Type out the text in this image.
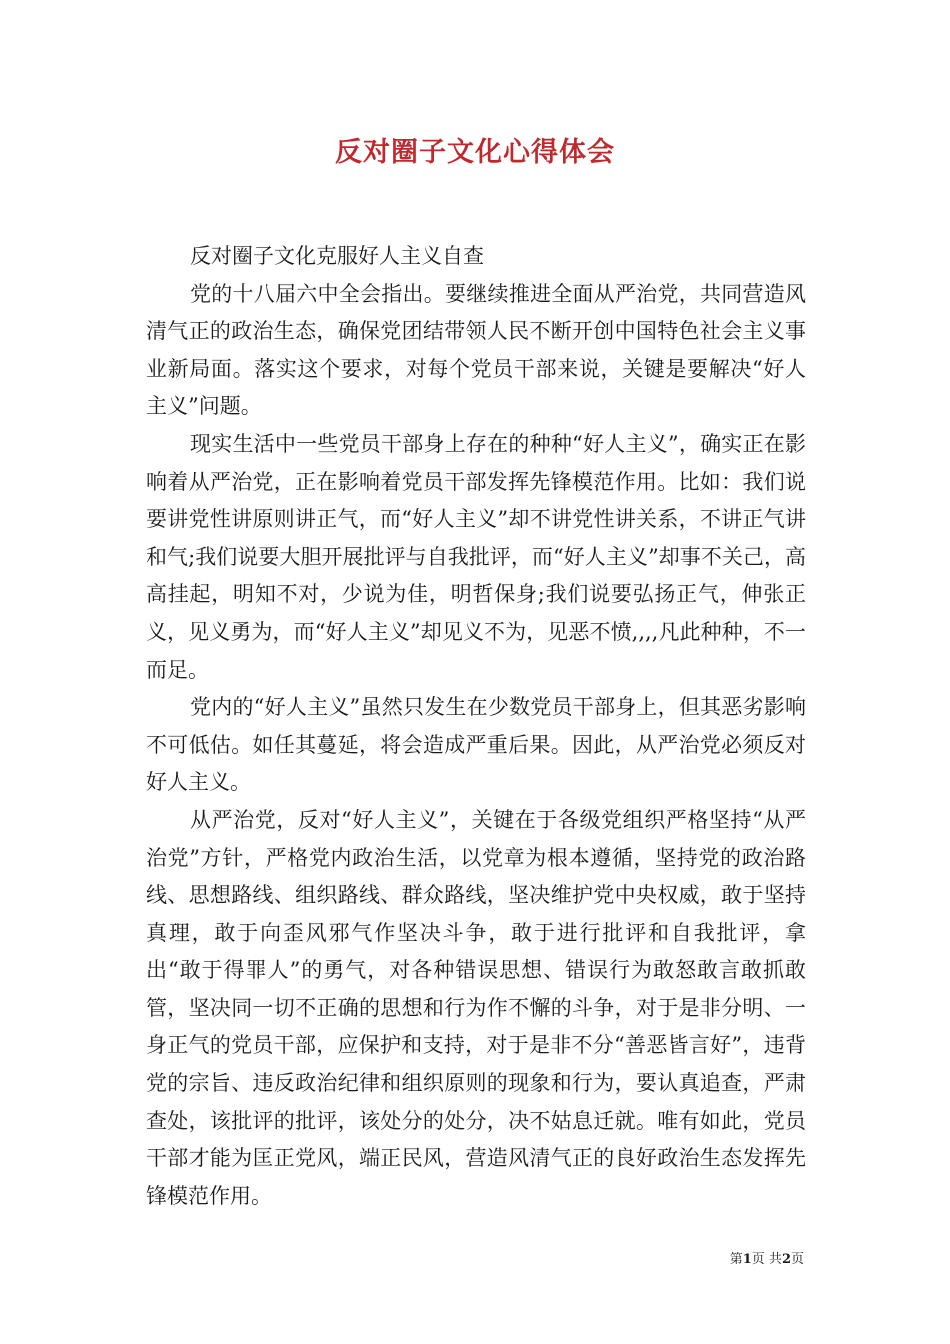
反对圈子文化心得体会

反对圈子文化克服好人主义自查

党的十八届六中全会指出。要继续推进全面从严治党，共同营造风清气正的政治生态，确保党团结带领人民不断开创中国特色社会主义事业新局面。落实这个要求，对每个党员干部来说，关键是要解决“好人主义”问题。

现实生活中一些党员干部身上存在的种种“好人主义”，确实正在影响着从严治党，正在影响着党员干部发挥先锋模范作用。比如：我们说要讲党性讲原则讲正气，而“好人主义”却不讲党性讲关系，不讲正气讲和气;我们说要大胆开展批评与自我批评，而“好人主义”却事不关己，高高挂起，明知不对，少说为佳，明哲保身;我们说要弘扬正气，伸张正义，见义勇为，而“好人主义”却见义不为，见恶不愤,,,,凡此种种，不一而足。

党内的“好人主义”虽然只发生在少数党员干部身上，但其恶劣影响不可低估。如任其蔓延，将会造成严重后果。因此，从严治党必须反对好人主义。

从严治党，反对“好人主义”，关键在于各级党组织严格坚持“从严治党”方针，严格党内政治生活，以党章为根本遵循，坚持党的政治路线、思想路线、组织路线、群众路线，坚决维护党中央权威，敢于坚持真理，敢于向歪风邪气作坚决斗争，敢于进行批评和自我批评，拿出“敢于得罪人”的勇气，对各种错误思想、错误行为敢怒敢言敢抓敢管，坚决同一切不正确的思想和行为作不懈的斗争，对于是非分明、一身正气的党员干部，应保护和支持，对于是非不分“善恶皆言好”，违背党的宗旨、违反政治纪律和组织原则的现象和行为，要认真追查，严肃查处，该批评的批评，该处分的处分，决不姑息迁就。唯有如此，党员干部才能为匡正党风，端正民风，营造风清气正的良好政治生态发挥先锋模范作用。

第1页 共2页
